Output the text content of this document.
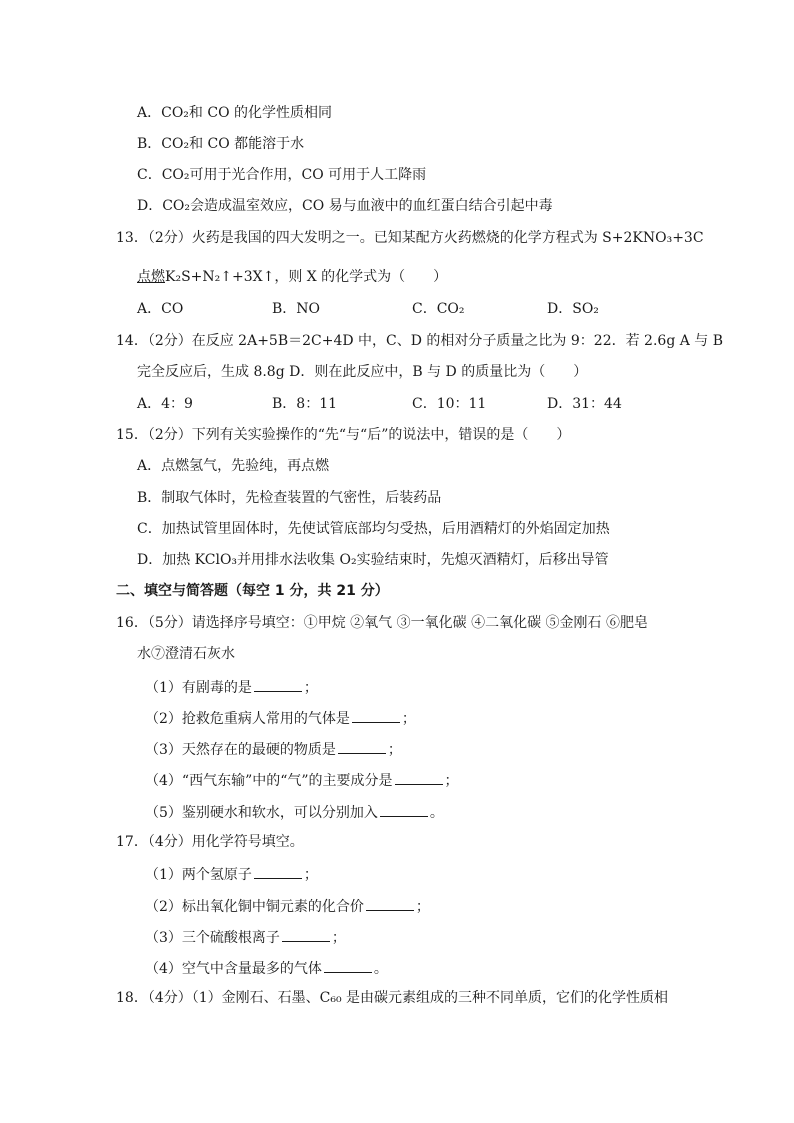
A．CO₂和 CO 的化学性质相同
B．CO₂和 CO 都能溶于水
C．CO₂可用于光合作用，CO 可用于人工降雨
D．CO₂会造成温室效应，CO 易与血液中的血红蛋白结合引起中毒
13．（2分）火药是我国的四大发明之一。已知某配方火药燃烧的化学方程式为 S+2KNO₃+3C
点燃K₂S+N₂↑+3X↑，则 X 的化学式为（　　）
A．CO	B．NO	C．CO₂	D．SO₂
14．（2分）在反应 2A+5B＝2C+4D 中，C、D 的相对分子质量之比为 9：22．若 2.6g A 与 B
完全反应后，生成 8.8g D．则在此反应中，B 与 D 的质量比为（　　）
A．4：9	B．8：11	C．10：11	D．31：44
15．（2分）下列有关实验操作的“先“与“后”的说法中，错误的是（　　）
A．点燃氢气，先验纯，再点燃
B．制取气体时，先检查装置的气密性，后装药品
C．加热试管里固体时，先使试管底部均匀受热，后用酒精灯的外焰固定加热
D．加热 KClO₃并用排水法收集 O₂实验结束时，先熄灭酒精灯，后移出导管
二、填空与简答题（每空 1 分，共 21 分）
16．（5分）请选择序号填空：①甲烷 ②氧气 ③一氧化碳 ④二氧化碳 ⑤金刚石 ⑥肥皂
水⑦澄清石灰水
（1）有剧毒的是	；
（2）抢救危重病人常用的气体是	；
（3）天然存在的最硬的物质是	；
（4）“西气东输”中的“气”的主要成分是	；
（5）鉴别硬水和软水，可以分别加入	。
17．（4分）用化学符号填空。
（1）两个氢原子	；
（2）标出氧化铜中铜元素的化合价	；
（3）三个硫酸根离子	；
（4）空气中含量最多的气体	。
18．（4分）（1）金刚石、石墨、C₆₀ 是由碳元素组成的三种不同单质，它们的化学性质相
